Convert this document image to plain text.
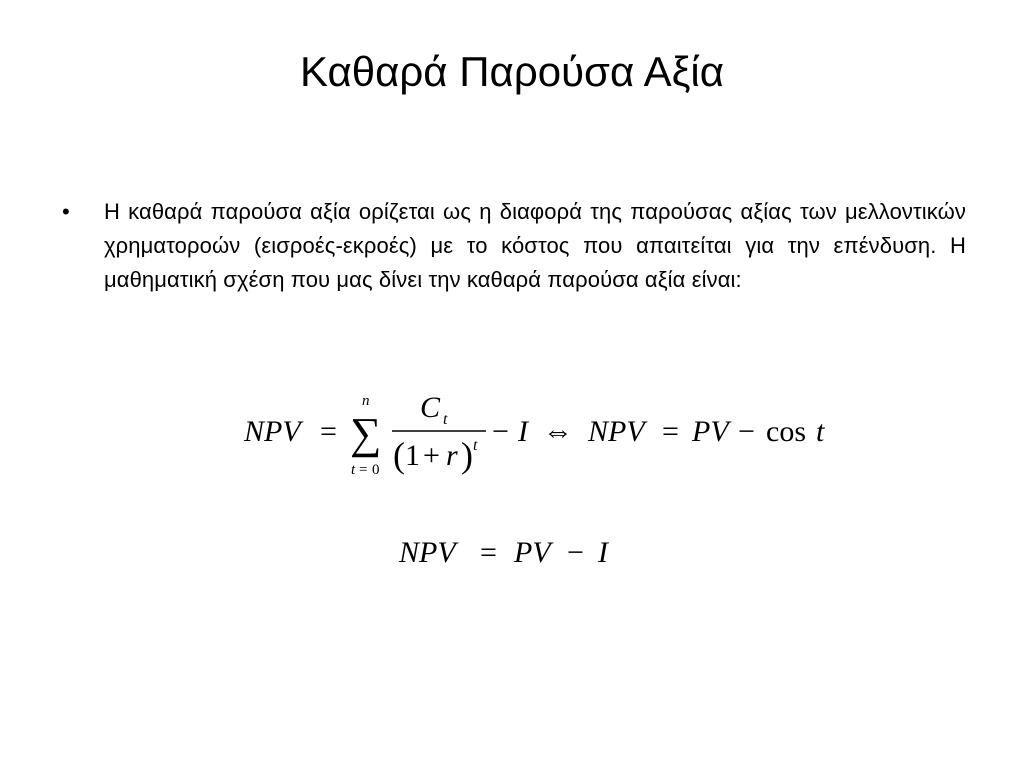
Καθαρά Παρούσα Αξία
•	Η καθαρά παρούσα αξία ορίζεται ως η διαφορά της παρούσας αξίας των μελλοντικών χρηματοροών (εισροές-εκροές) με το κόστος που απαιτείται για την επένδυση. Η μαθηματική σχέση που μας δίνει την καθαρά παρούσα αξία είναι:
NPV = ∑
n
t = 0
C t
( 1 + r ) t − I ⇔ NPV = PV − cos t
NPV = PV − I
